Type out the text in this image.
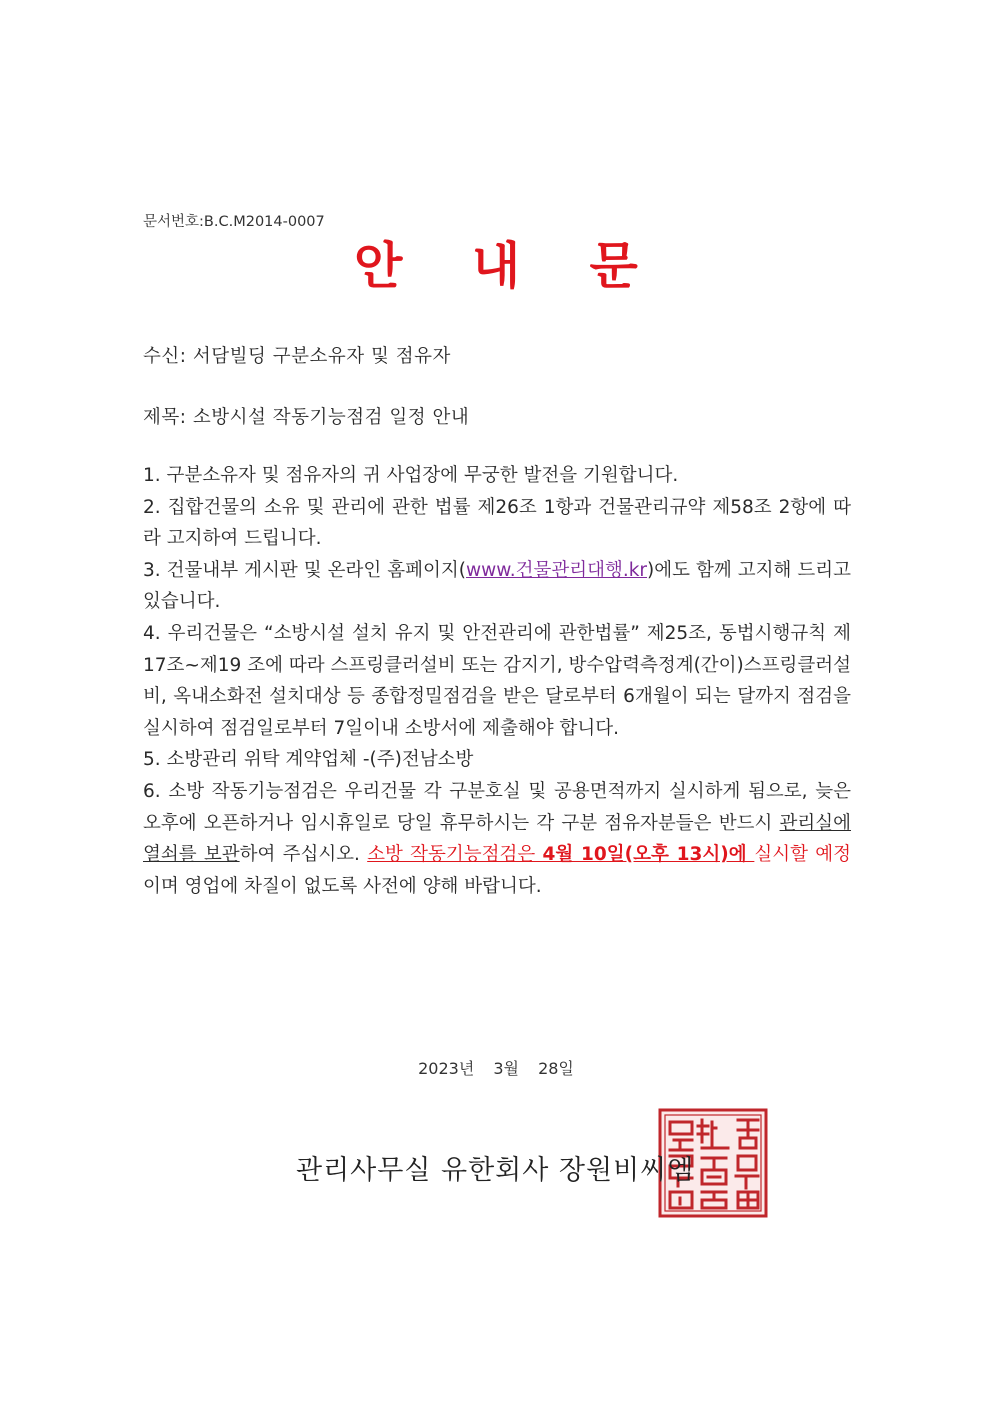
문서번호:B.C.M2014-0007
안 내 문
수신: 서담빌딩 구분소유자 및 점유자
제목: 소방시설 작동기능점검 일정 안내

1. 구분소유자 및 점유자의 귀 사업장에 무궁한 발전을 기원합니다.

2. 집합건물의 소유 및 관리에 관한 법률 제26조 1항과 건물관리규약 제58조 2항에 따라 고지하여 드립니다.

3. 건물내부 게시판 및 온라인 홈페이지(www.건물관리대행.kr)에도 함께 고지해 드리고 있습니다.

4. 우리건물은 “소방시설 설치 유지 및 안전관리에 관한법률” 제25조, 동법시행규칙 제17조~제19 조에 따라 스프링클러설비 또는 감지기, 방수압력측정계(간이)스프링클러설비, 옥내소화전 설치대상 등 종합정밀점검을 받은 달로부터 6개월이 되는 달까지 점검을 실시하여 점검일로부터 7일이내 소방서에 제출해야 합니다.

5. 소방관리 위탁 계약업체 -(주)전남소방

6. 소방 작동기능점검은 우리건물 각 구분호실 및 공용면적까지 실시하게 됨으로, 늦은 오후에 오픈하거나 임시휴일로 당일 휴무하시는 각 구분 점유자분들은 반드시 관리실에 열쇠를 보관하여 주십시오. 소방 작동기능점검은 4월 10일(오후 13시)에 실시할 예정이며 영업에 차질이 없도록 사전에 양해 바랍니다.

2023년 3월 28일
관리사무실 유한회사 장원비씨엠
